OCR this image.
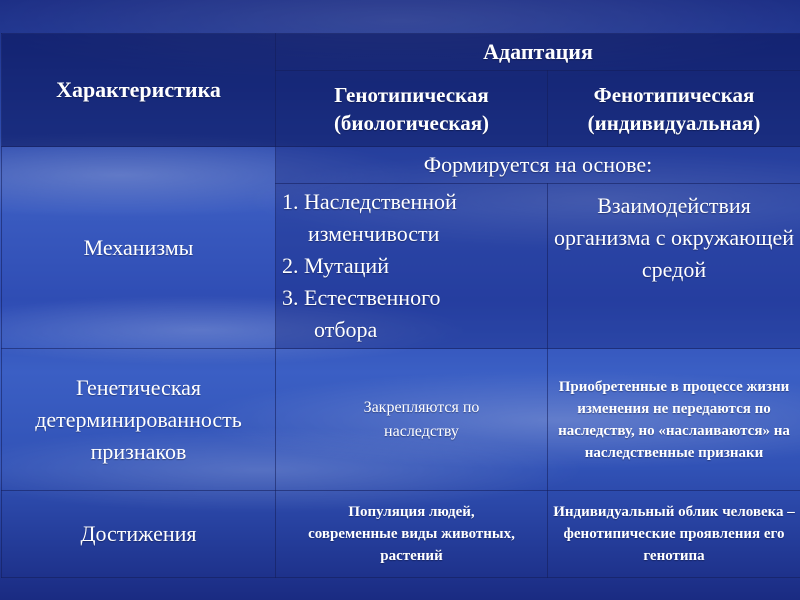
Характеристика	Адаптация	
	Генотипическая (биологическая)	Фенотипическая (индивидуальная)
Механизмы	Формируется на основе:	

	1. Наследственной
изменчивости
2. Мутаций
3. Естественного
отбора	Взаимодействия организма с окружающей средой
Генетическая детерминированность признаков	Закрепляются по наследству	Приобретенные в процессе жизни изменения не передаются по наследству, но «наслаиваются» на наследственные признаки
Достижения	Популяция людей, современные виды животных, растений	Индивидуальный облик человека – фенотипические проявления его генотипа
